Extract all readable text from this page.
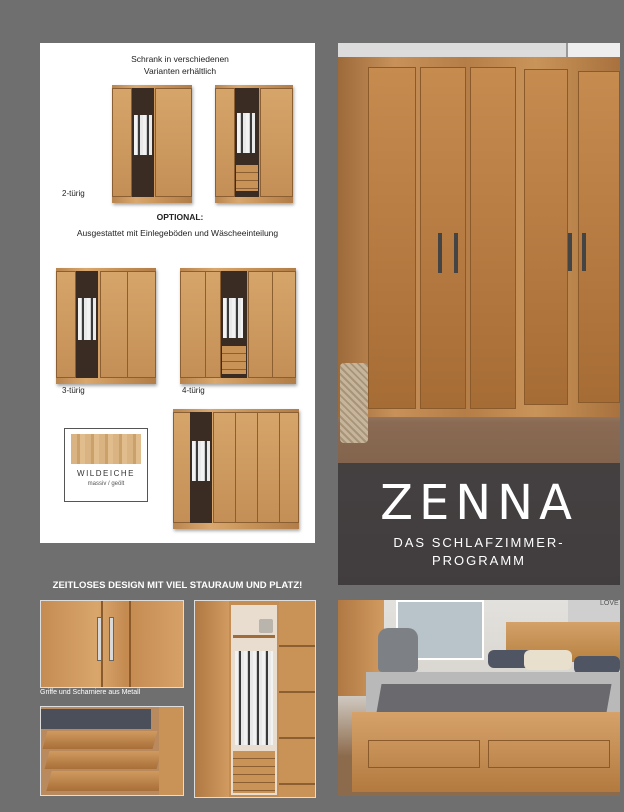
Schrank in verschiedenen
Varianten erhältlich
2-türig
OPTIONAL:
Ausgestattet mit Einlegeböden und Wäscheeinteilung
3-türig	4-türig
WILDEICHE
massiv / geölt	ZENNA
DAS SCHLAFZIMMER-
PROGRAMM
ZEITLOSES DESIGN MIT VIEL STAURAUM UND PLATZ!
Griffe und Scharniere aus Metall
LOVE
